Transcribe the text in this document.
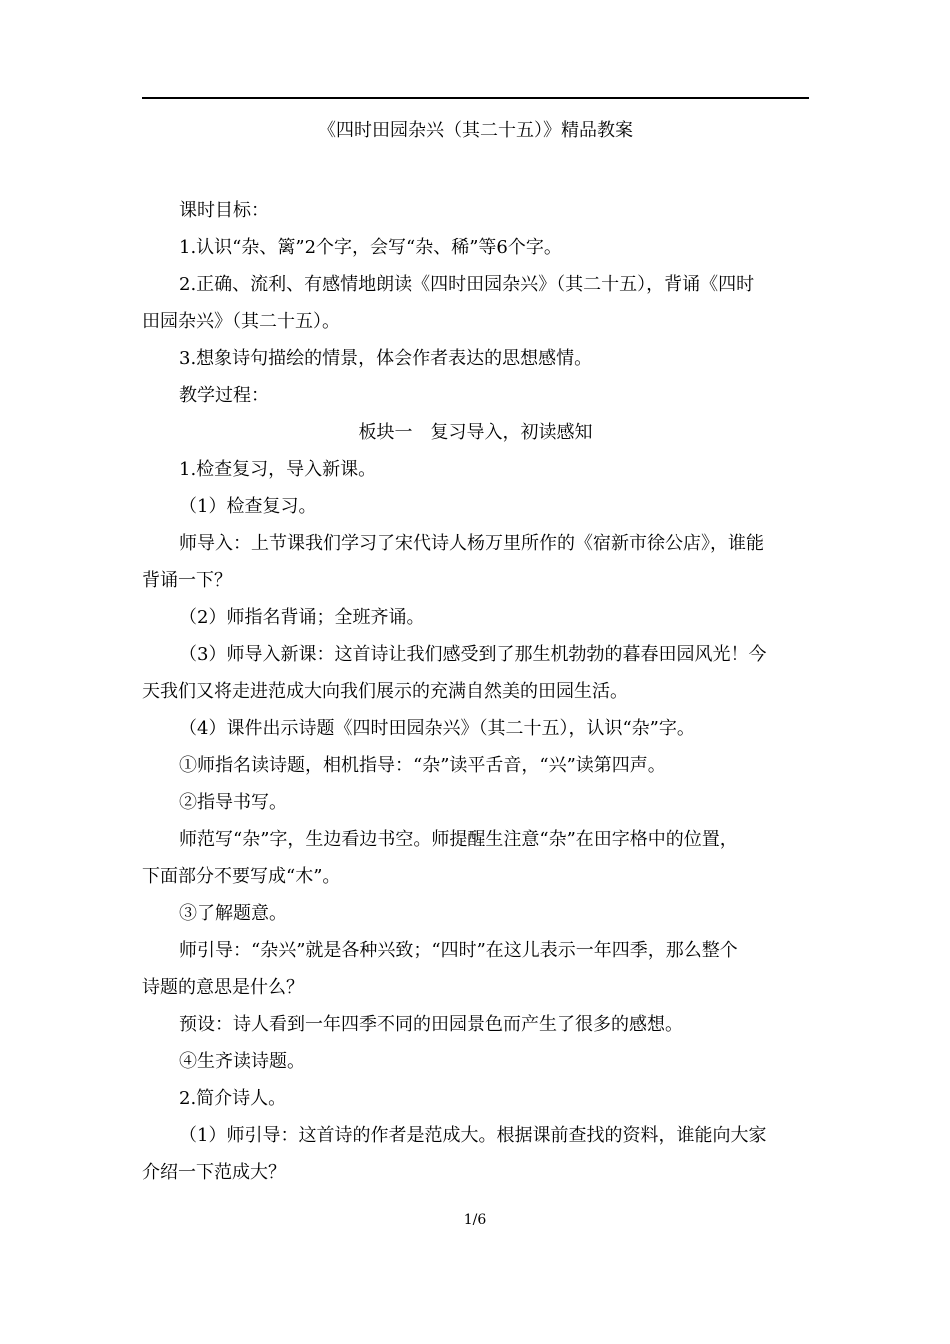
《四时田园杂兴（其二十五）》精品教案
课时目标：
1.认识“杂、篱”2个字，会写“杂、稀”等6个字。
2.正确、流利、有感情地朗读《四时田园杂兴》（其二十五），背诵《四时
田园杂兴》（其二十五）。
3.想象诗句描绘的情景，体会作者表达的思想感情。
教学过程：
板块一　复习导入，初读感知
1.检查复习，导入新课。
（1）检查复习。
师导入：上节课我们学习了宋代诗人杨万里所作的《宿新市徐公店》，谁能
背诵一下？
（2）师指名背诵；全班齐诵。
（3）师导入新课：这首诗让我们感受到了那生机勃勃的暮春田园风光！今
天我们又将走进范成大向我们展示的充满自然美的田园生活。
（4）课件出示诗题《四时田园杂兴》（其二十五），认识“杂”字。
①师指名读诗题，相机指导：“杂”读平舌音，“兴”读第四声。
②指导书写。
师范写“杂”字，生边看边书空。师提醒生注意“杂”在田字格中的位置，
下面部分不要写成“木”。
③了解题意。
师引导：“杂兴”就是各种兴致；“四时”在这儿表示一年四季，那么整个
诗题的意思是什么？
预设：诗人看到一年四季不同的田园景色而产生了很多的感想。
④生齐读诗题。
2.简介诗人。
（1）师引导：这首诗的作者是范成大。根据课前查找的资料，谁能向大家
介绍一下范成大？
1/6
